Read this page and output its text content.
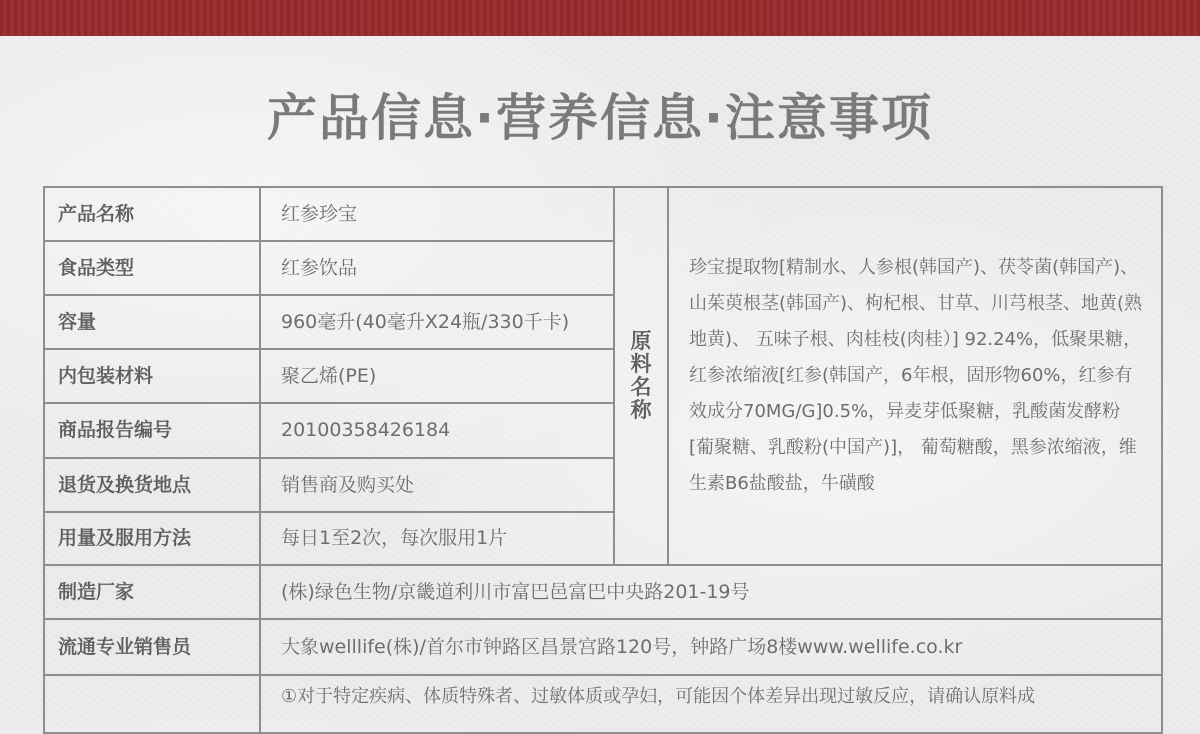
产品信息·营养信息·注意事项
产品名称	红参珍宝
食品类型	红参饮品
容量	960毫升(40毫升X24瓶/330千卡)
内包装材料	聚乙烯(PE)
商品报告编号	20100358426184
退货及换货地点	销售商及购买处
用量及服用方法	每日1至2次，每次服用1片
原料名称

珍宝提取物[精制水、人参根(韩国产)、茯苓菌(韩国产)、 山茱萸根茎(韩国产)、枸杞根、甘草、川芎根茎、地黄(熟地黄)、 五味子根、肉桂枝(肉桂）] 92.24%，低聚果糖，红参浓缩液[红参(韩国产，6年根，固形物60%，红参有效成分70MG/G]0.5%，异麦芽低聚糖，乳酸菌发酵粉[葡聚糖、乳酸粉(中国产)]， 葡萄糖酸，黑参浓缩液，维生素B6盐酸盐，牛磺酸

制造厂家	(株)绿色生物/京畿道利川市富巴邑富巴中央路201-19号
流通专业销售员	大象welllife(株)/首尔市钟路区昌景宫路120号，钟路广场8楼www.wellife.co.kr
①对于特定疾病、体质特殊者、过敏体质或孕妇，可能因个体差异出现过敏反应，请确认原料成
